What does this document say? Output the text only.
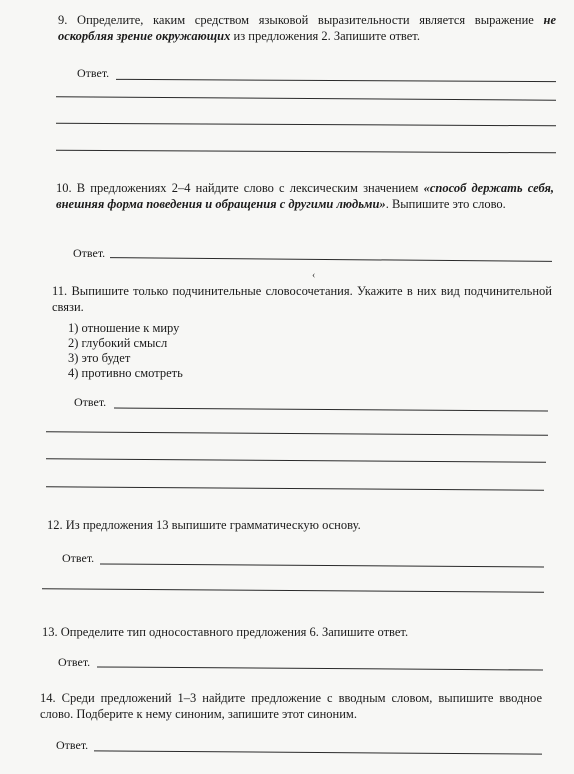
9. Определите, каким средством языковой выразительности является выражение не оскорбляя зрение окружающих из предложения 2. Запишите ответ.
Ответ.
10. В предложениях 2–4 найдите слово с лексическим значением «способ держать себя, внешняя форма поведения и обращения с другими людьми». Выпишите это слово.
Ответ.
‹
11. Выпишите только подчинительные словосочетания. Укажите в них вид подчинительной связи.
1) отношение к миру
2) глубокий смысл
3) это будет
4) противно смотреть
Ответ.
12. Из предложения 13 выпишите грамматическую основу.
Ответ.
13. Определите тип односоставного предложения 6. Запишите ответ.
Ответ.
14. Среди предложений 1–3 найдите предложение с вводным словом, выпишите вводное слово. Подберите к нему синоним, запишите этот синоним.
Ответ.
